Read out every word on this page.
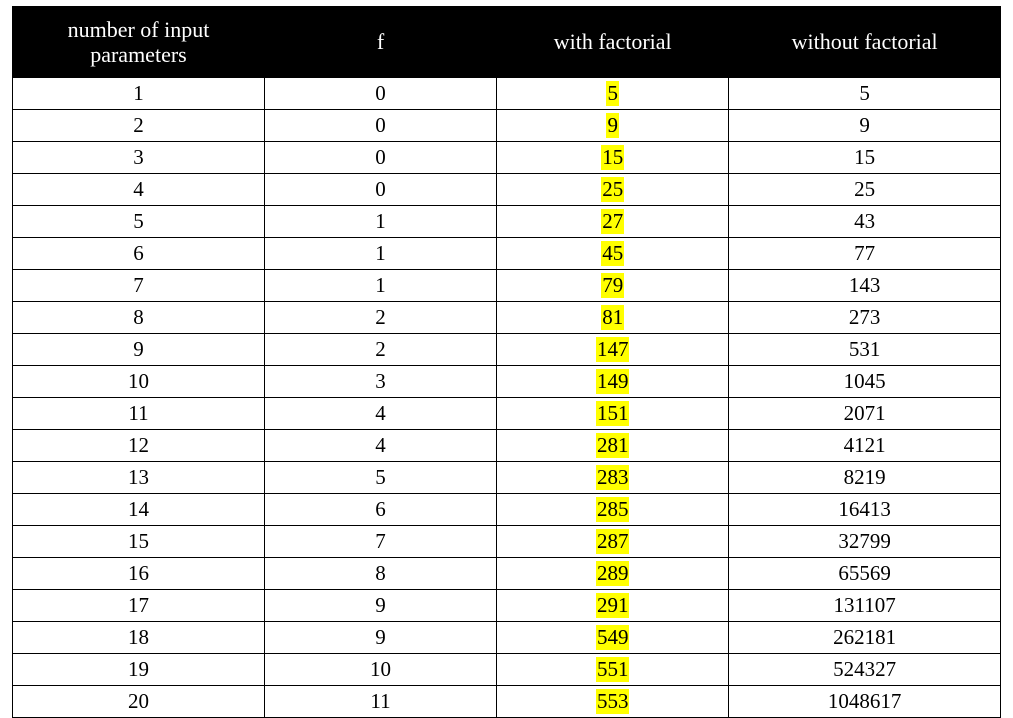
number of input parameters	f	with factorial	without factorial
1	0	5	5
2	0	9	9
3	0	15	15
4	0	25	25
5	1	27	43
6	1	45	77
7	1	79	143
8	2	81	273
9	2	147	531
10	3	149	1045
11	4	151	2071
12	4	281	4121
13	5	283	8219
14	6	285	16413
15	7	287	32799
16	8	289	65569
17	9	291	131107
18	9	549	262181
19	10	551	524327
20	11	553	1048617
